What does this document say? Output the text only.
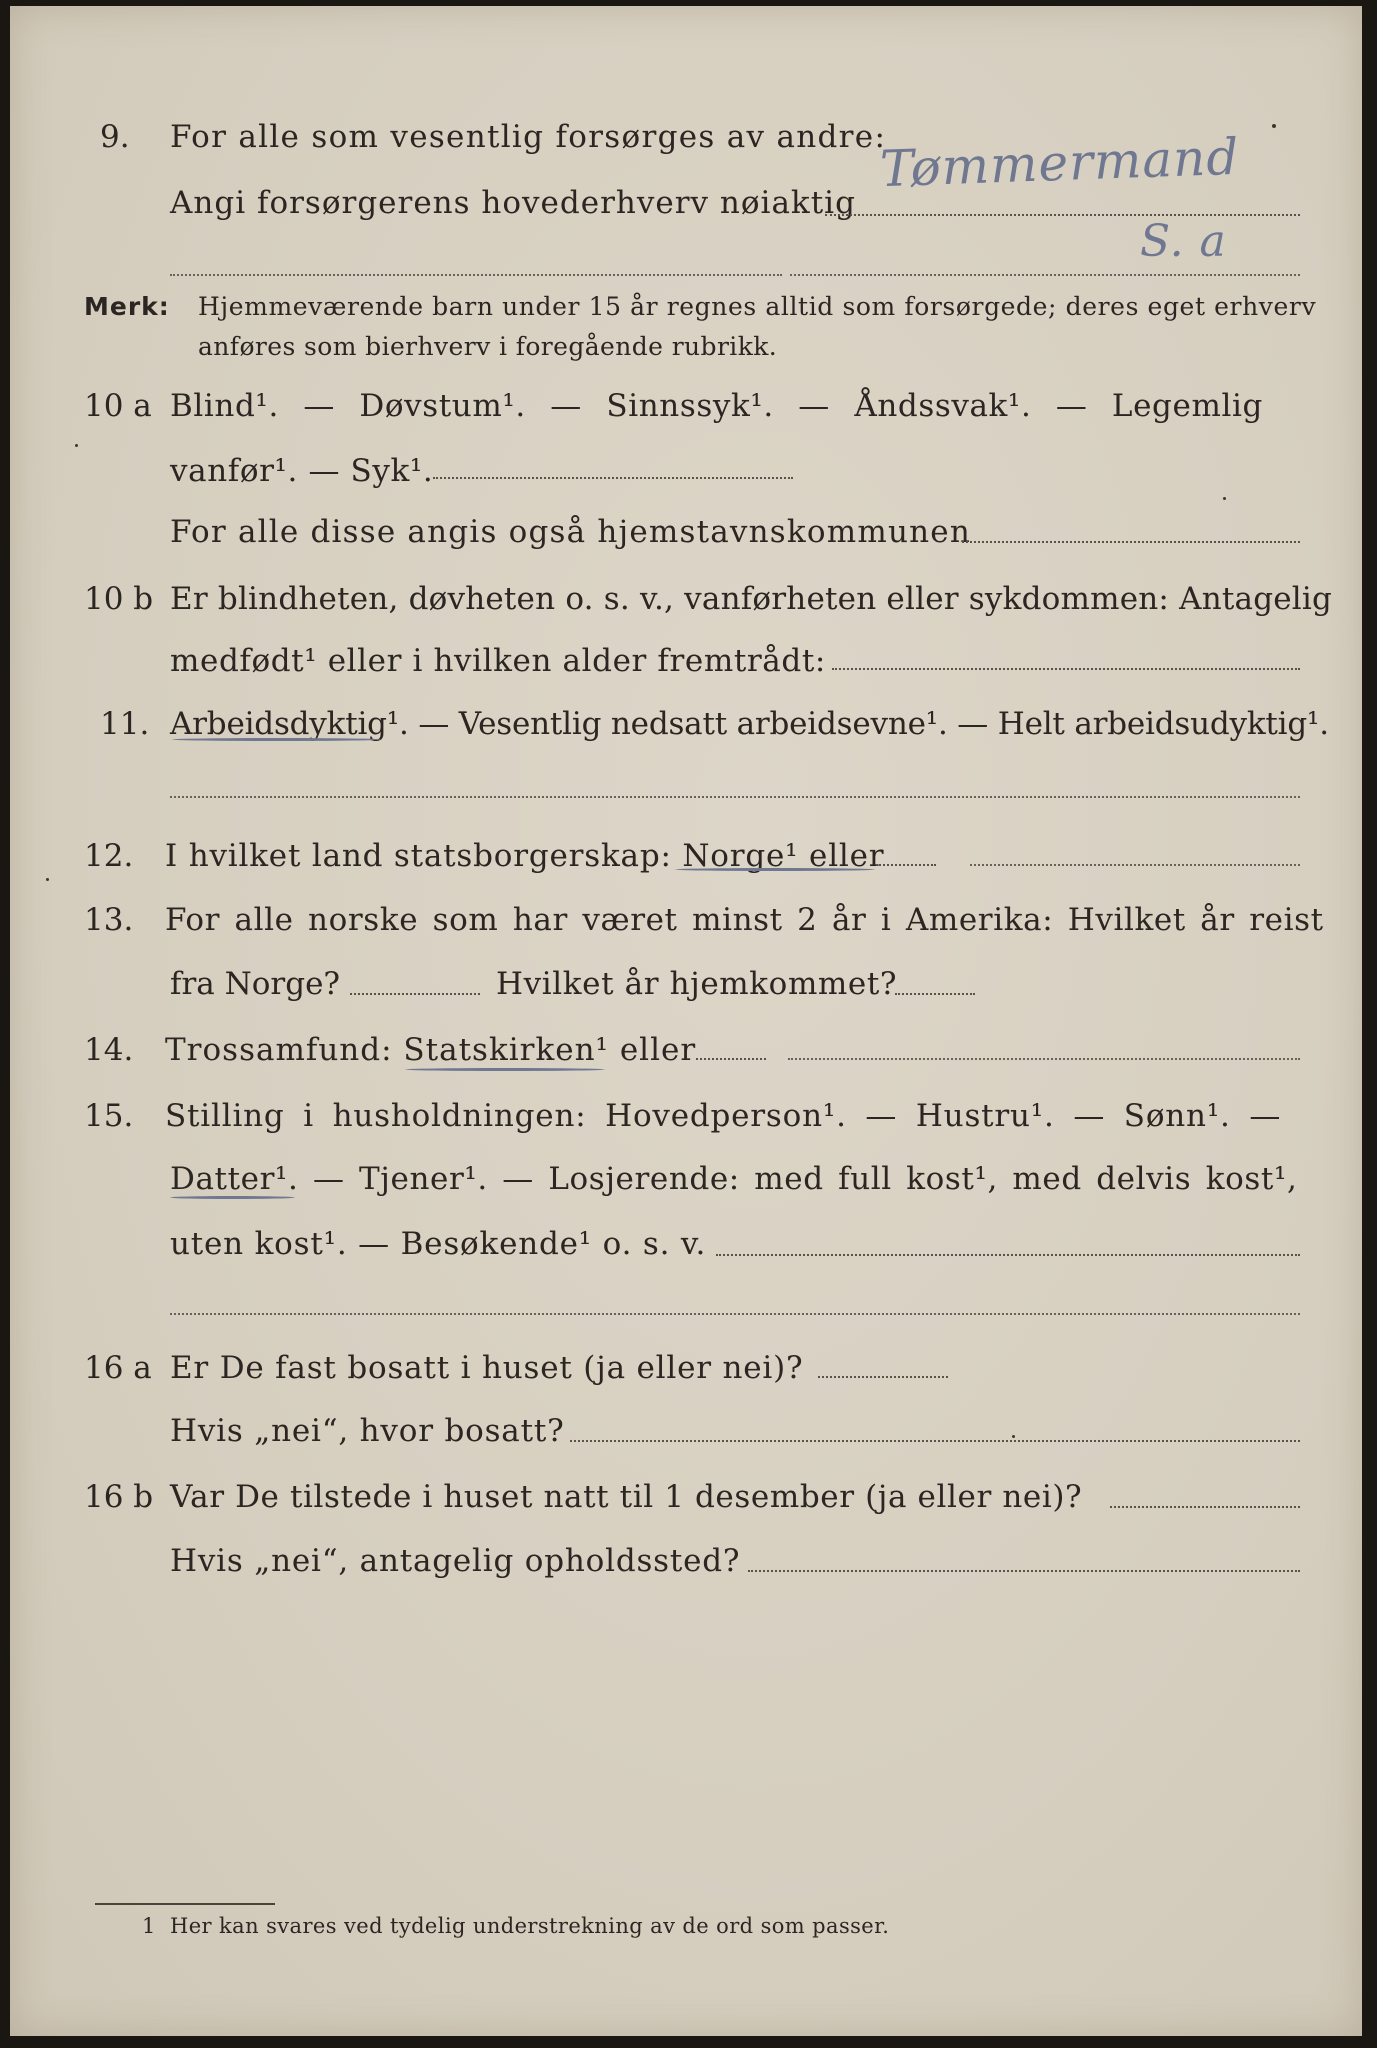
9.	For alle som vesentlig forsørges av andre:
Angi forsørgerens hovederhverv nøiaktig
Tømmermand
S. a
Merk: Hjemmeværende barn under 15 år regnes alltid som forsørgede; deres eget erhverv
anføres som bierhverv i foregående rubrikk.
10 a Blind¹. — Døvstum¹. — Sinnssyk¹. — Åndssvak¹. — Legemlig
vanfør¹. — Syk¹.
For alle disse angis også hjemstavnskommunen
10 b Er blindheten, døvheten o. s. v., vanførheten eller sykdommen: Antagelig
medfødt¹ eller i hvilken alder fremtrådt:
11. Arbeidsdyktig¹. — Vesentlig nedsatt arbeidsevne¹. — Helt arbeidsudyktig¹.
12.	I hvilket land statsborgerskap: Norge¹ eller
13.	For alle norske som har været minst 2 år i Amerika: Hvilket år reist
fra Norge?	Hvilket år hjemkommet?
14.	Trossamfund: Statskirken¹ eller
15.	Stilling i husholdningen: Hovedperson¹. — Hustru¹. — Sønn¹. —
Datter¹. — Tjener¹. — Losjerende: med full kost¹, med delvis kost¹,
uten kost¹. — Besøkende¹ o. s. v.
16 a Er De fast bosatt i huset (ja eller nei)?
Hvis „nei“, hvor bosatt?
16 b Var De tilstede i huset natt til 1 desember (ja eller nei)?
Hvis „nei“, antagelig opholdssted?
1 Her kan svares ved tydelig understrekning av de ord som passer.
